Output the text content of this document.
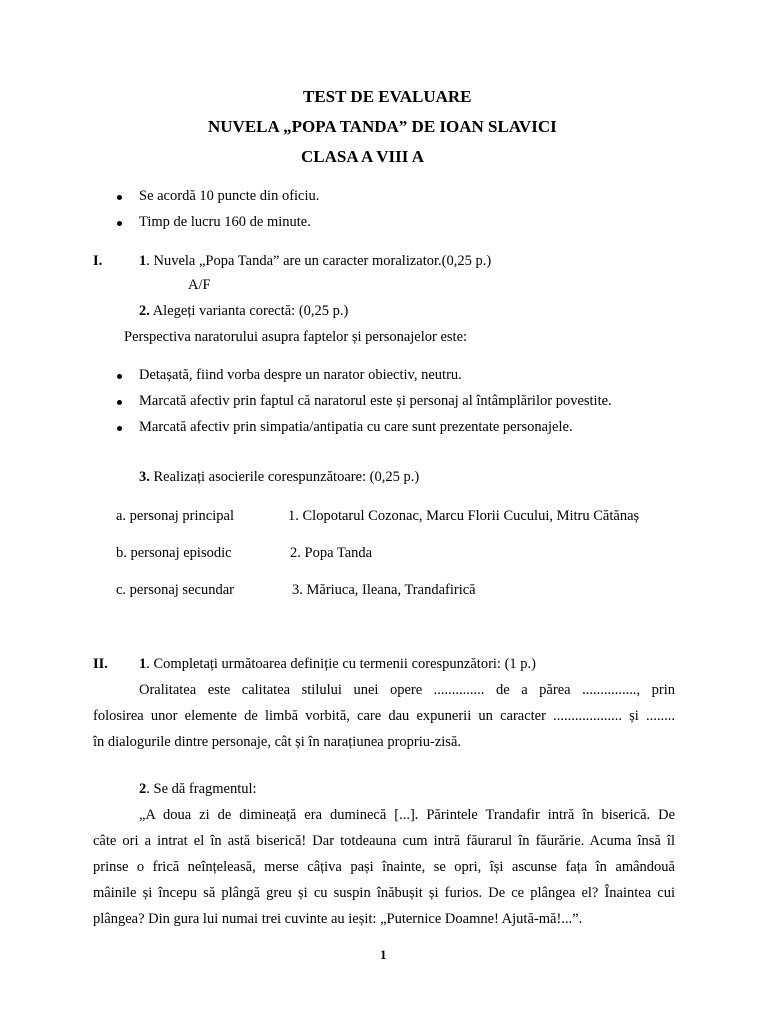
TEST DE EVALUARE
NUVELA „POPA TANDA” DE IOAN SLAVICI
CLASA A VIII A
Se acordă 10 puncte din oficiu.
Timp de lucru 160 de minute.
I.	1. Nuvela „Popa Tanda” are un caracter moralizator.(0,25 p.)
A/F
2. Alegeți varianta corectă: (0,25 p.)
Perspectiva naratorului asupra faptelor și personajelor este:
Detașată, fiind vorba despre un narator obiectiv, neutru.
Marcată afectiv prin faptul că naratorul este și personaj al întâmplărilor povestite.
Marcată afectiv prin simpatia/antipatia cu care sunt prezentate personajele.
3. Realizați asocierile corespunzătoare: (0,25 p.)
a. personaj principal	1. Clopotarul Cozonac, Marcu Florii Cucului, Mitru Cătănaș
b. personaj episodic	2. Popa Tanda
c. personaj secundar	3. Măriuca, Ileana, Trandafirică
II. 1. Completați următoarea definiție cu termenii corespunzători: (1 p.)
Oralitatea este calitatea stilului unei opere .............. de a părea ..............., prin
folosirea unor elemente de limbă vorbită, care dau expunerii un caracter ................... și ........
în dialogurile dintre personaje, cât și în narațiunea propriu-zisă.
2. Se dă fragmentul:
„A doua zi de dimineață era duminecă [...]. Părintele Trandafir intră în biserică. De
câte ori a intrat el în astă biserică! Dar totdeauna cum intră făurarul în făurărie. Acuma însă îl
prinse o frică neînțeleasă, merse câțiva pași înainte, se opri, își ascunse fața în amândouă
mâinile și începu să plângă greu și cu suspin înăbușit și furios. De ce plângea el? Înaintea cui
plângea? Din gura lui numai trei cuvinte au ieșit: „Puternice Doamne! Ajută-mă!...”.
1
